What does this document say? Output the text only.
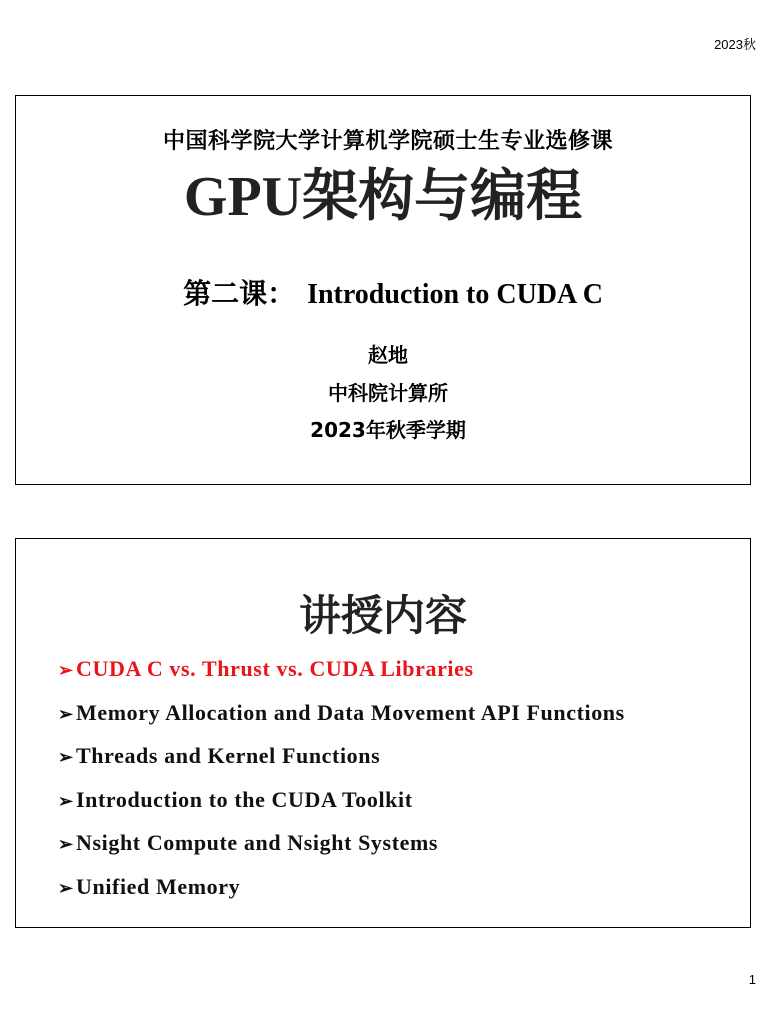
2023秋
中国科学院大学计算机学院硕士生专业选修课
GPU架构与编程
第二课： Introduction to CUDA C
赵地
中科院计算所
2023年秋季学期
讲授内容
➢ CUDA C vs. Thrust vs. CUDA Libraries
➢ Memory Allocation and Data Movement API Functions
➢ Threads and Kernel Functions
➢ Introduction to the CUDA Toolkit
➢ Nsight Compute and Nsight Systems
➢ Unified Memory
1
